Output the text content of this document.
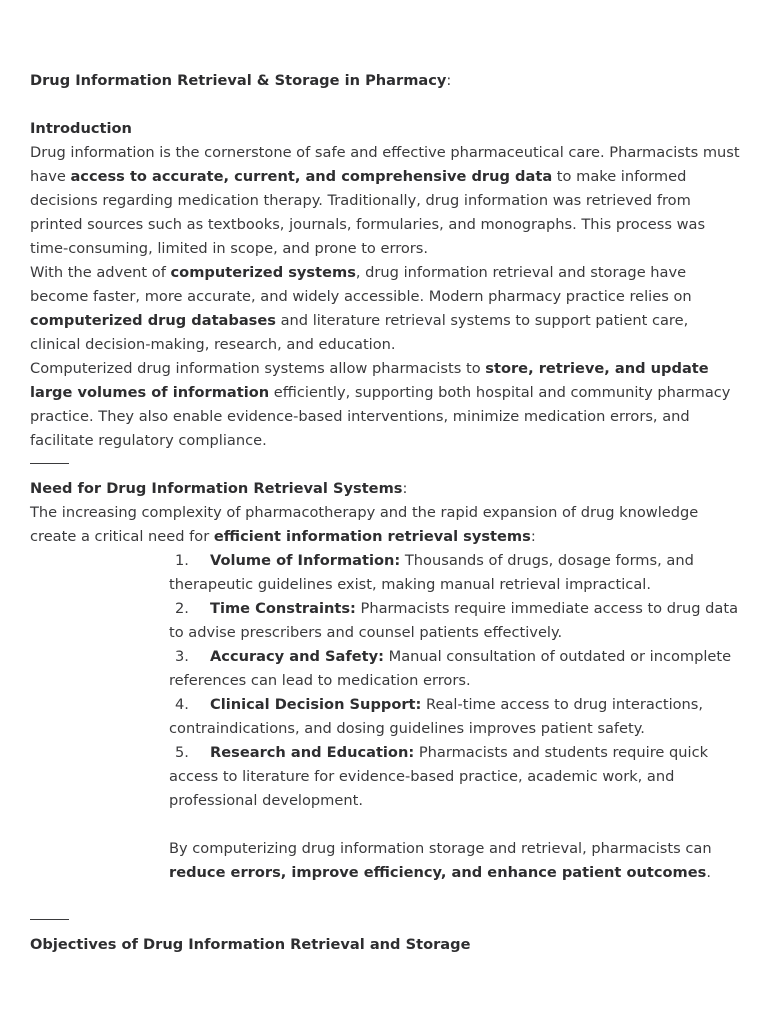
Drug Information Retrieval & Storage in Pharmacy:

Introduction

Drug information is the cornerstone of safe and effective pharmaceutical care. Pharmacists must have access to accurate, current, and comprehensive drug data to make informed decisions regarding medication therapy. Traditionally, drug information was retrieved from printed sources such as textbooks, journals, formularies, and monographs. This process was time-consuming, limited in scope, and prone to errors.

With the advent of computerized systems, drug information retrieval and storage have become faster, more accurate, and widely accessible. Modern pharmacy practice relies on computerized drug databases and literature retrieval systems to support patient care, clinical decision-making, research, and education.

Computerized drug information systems allow pharmacists to store, retrieve, and update large volumes of information efficiently, supporting both hospital and community pharmacy practice. They also enable evidence-based interventions, minimize medication errors, and facilitate regulatory compliance.

Need for Drug Information Retrieval Systems:

The increasing complexity of pharmacotherapy and the rapid expansion of drug knowledge create a critical need for efficient information retrieval systems:

1. Volume of Information: Thousands of drugs, dosage forms, and therapeutic guidelines exist, making manual retrieval impractical.
2. Time Constraints: Pharmacists require immediate access to drug data to advise prescribers and counsel patients effectively.
3. Accuracy and Safety: Manual consultation of outdated or incomplete references can lead to medication errors.
4. Clinical Decision Support: Real-time access to drug interactions, contraindications, and dosing guidelines improves patient safety.
5. Research and Education: Pharmacists and students require quick access to literature for evidence-based practice, academic work, and professional development.

By computerizing drug information storage and retrieval, pharmacists can reduce errors, improve efficiency, and enhance patient outcomes.

Objectives of Drug Information Retrieval and Storage
